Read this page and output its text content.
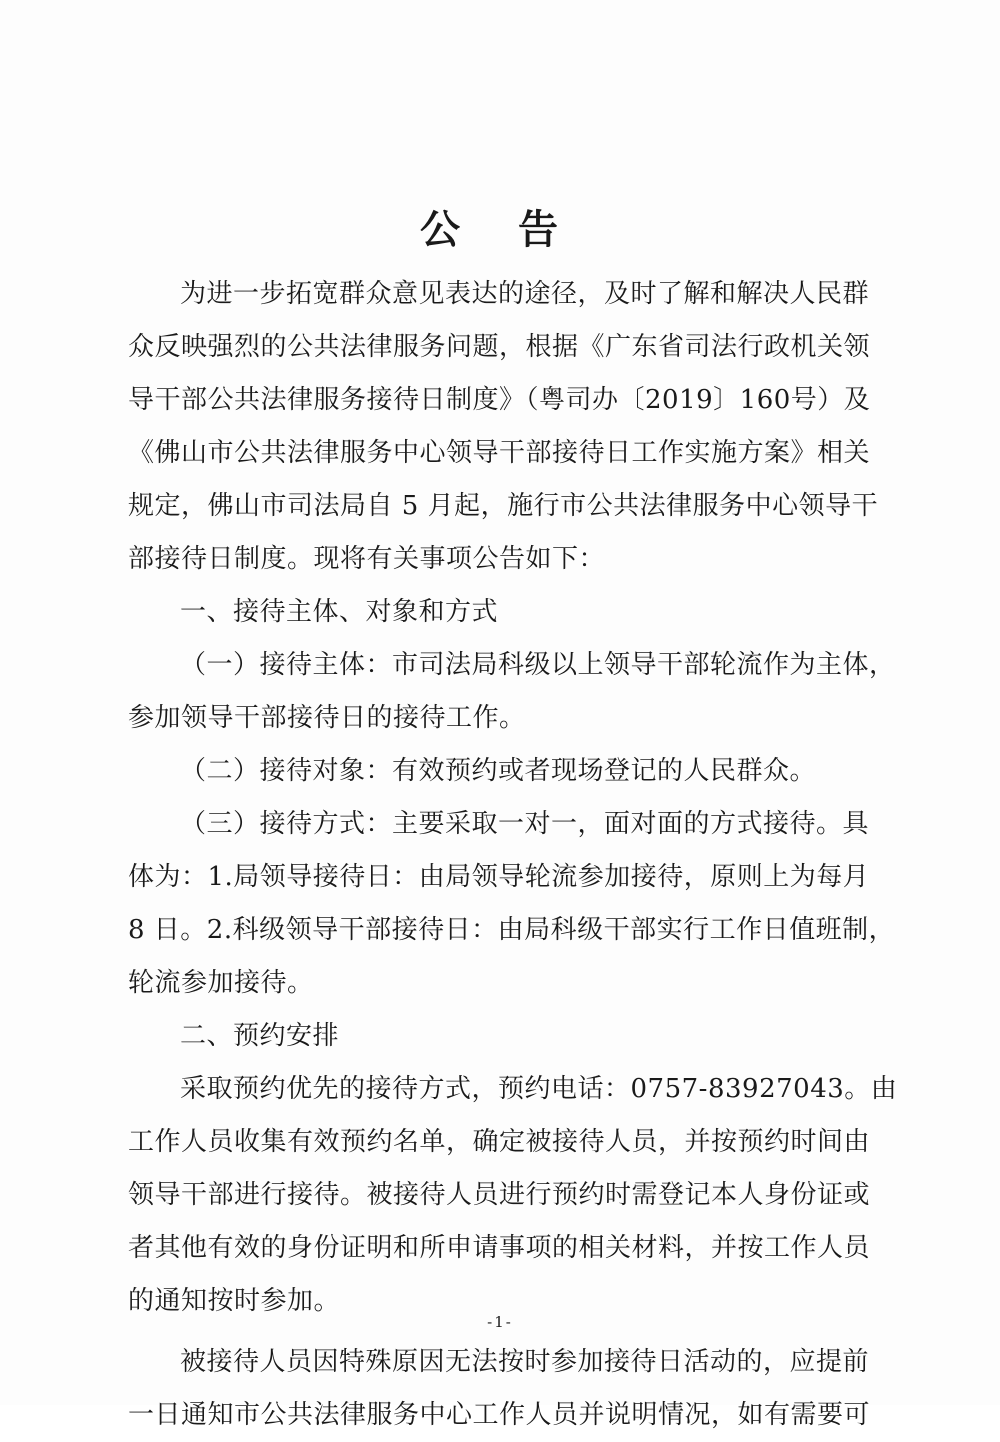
公 告
为进一步拓宽群众意见表达的途径，及时了解和解决人民群
众反映强烈的公共法律服务问题，根据《广东省司法行政机关领
导干部公共法律服务接待日制度》（粤司办〔2019〕160号）及
《佛山市公共法律服务中心领导干部接待日工作实施方案》相关
规定，佛山市司法局自 5 月起，施行市公共法律服务中心领导干
部接待日制度。现将有关事项公告如下：
一、接待主体、对象和方式
（一）接待主体：市司法局科级以上领导干部轮流作为主体，
参加领导干部接待日的接待工作。
（二）接待对象：有效预约或者现场登记的人民群众。
（三）接待方式：主要采取一对一，面对面的方式接待。具
体为：1.局领导接待日：由局领导轮流参加接待，原则上为每月
8 日。2.科级领导干部接待日：由局科级干部实行工作日值班制，
轮流参加接待。
二、预约安排
采取预约优先的接待方式，预约电话：0757-83927043。由
工作人员收集有效预约名单，确定被接待人员，并按预约时间由
领导干部进行接待。被接待人员进行预约时需登记本人身份证或
者其他有效的身份证明和所申请事项的相关材料，并按工作人员
的通知按时参加。
被接待人员因特殊原因无法按时参加接待日活动的，应提前
一日通知市公共法律服务中心工作人员并说明情况，如有需要可
-1-
